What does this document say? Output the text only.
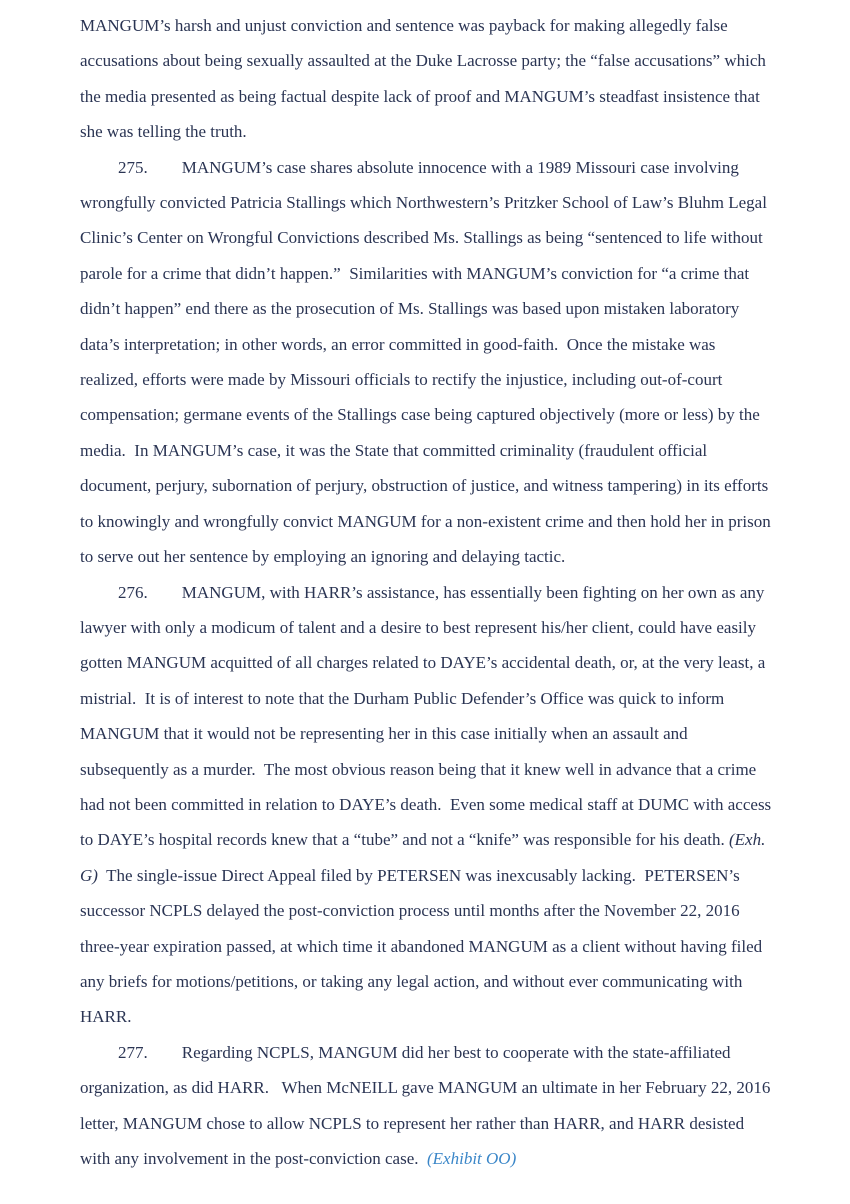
MANGUM’s harsh and unjust conviction and sentence was payback for making allegedly false accusations about being sexually assaulted at the Duke Lacrosse party; the “false accusations” which the media presented as being factual despite lack of proof and MANGUM’s steadfast insistence that she was telling the truth.

275. MANGUM’s case shares absolute innocence with a 1989 Missouri case involving wrongfully convicted Patricia Stallings which Northwestern’s Pritzker School of Law’s Bluhm Legal Clinic’s Center on Wrongful Convictions described Ms. Stallings as being “sentenced to life without parole for a crime that didn’t happen.”  Similarities with MANGUM’s conviction for “a crime that didn’t happen” end there as the prosecution of Ms. Stallings was based upon mistaken laboratory data’s interpretation; in other words, an error committed in good-faith.  Once the mistake was realized, efforts were made by Missouri officials to rectify the injustice, including out-of-court compensation; germane events of the Stallings case being captured objectively (more or less) by the media.  In MANGUM’s case, it was the State that committed criminality (fraudulent official document, perjury, subornation of perjury, obstruction of justice, and witness tampering) in its efforts to knowingly and wrongfully convict MANGUM for a non-existent crime and then hold her in prison to serve out her sentence by employing an ignoring and delaying tactic.

276. MANGUM, with HARR’s assistance, has essentially been fighting on her own as any lawyer with only a modicum of talent and a desire to best represent his/her client, could have easily gotten MANGUM acquitted of all charges related to DAYE’s accidental death, or, at the very least, a mistrial.  It is of interest to note that the Durham Public Defender’s Office was quick to inform MANGUM that it would not be representing her in this case initially when an assault and subsequently as a murder.  The most obvious reason being that it knew well in advance that a crime had not been committed in relation to DAYE’s death.  Even some medical staff at DUMC with access to DAYE’s hospital records knew that a “tube” and not a “knife” was responsible for his death. (Exh. G)  The single-issue Direct Appeal filed by PETERSEN was inexcusably lacking.  PETERSEN’s successor NCPLS delayed the post-conviction process until months after the November 22, 2016 three-year expiration passed, at which time it abandoned MANGUM as a client without having filed any briefs for motions/petitions, or taking any legal action, and without ever communicating with HARR.

277. Regarding NCPLS, MANGUM did her best to cooperate with the state-affiliated organization, as did HARR.   When McNEILL gave MANGUM an ultimate in her February 22, 2016 letter, MANGUM chose to allow NCPLS to represent her rather than HARR, and HARR desisted with any involvement in the post-conviction case.  (Exhibit OO)
